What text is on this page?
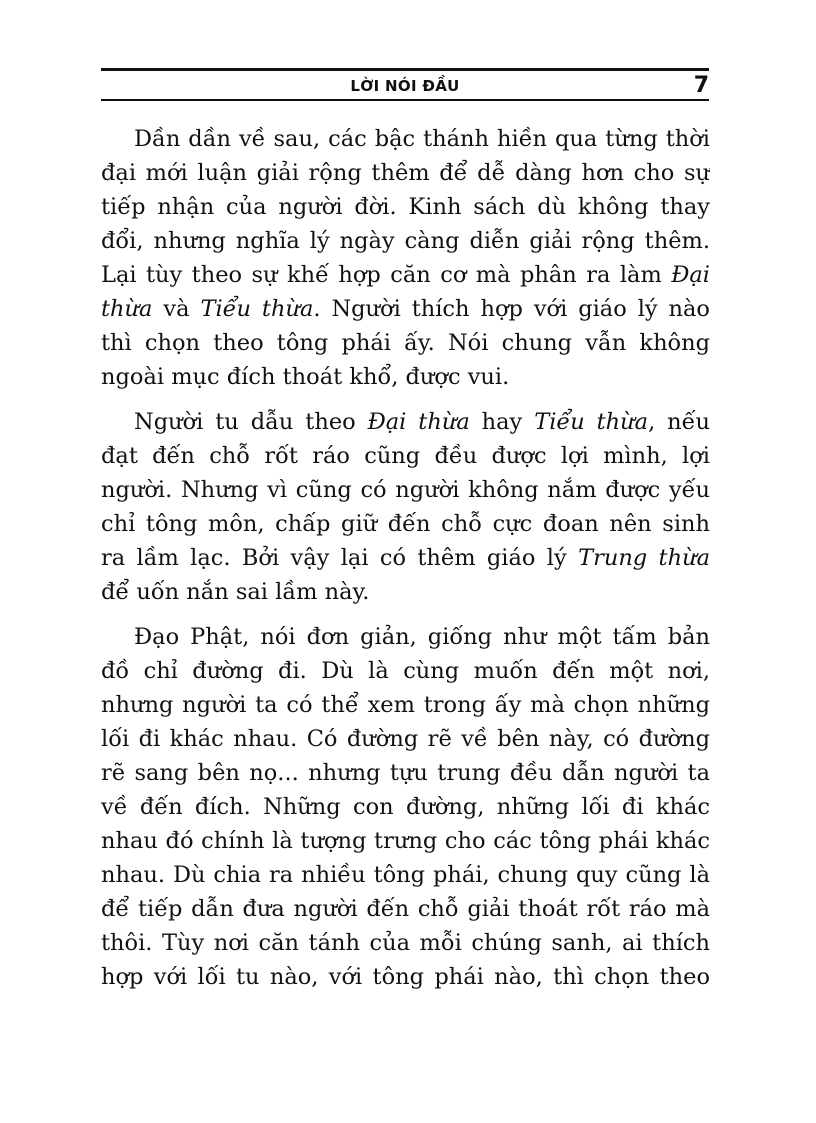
LỜI NÓI ĐẦU	7
Dần dần về sau, các bậc thánh hiền qua từng thời
đại mới luận giải rộng thêm để dễ dàng hơn cho sự
tiếp nhận của người đời. Kinh sách dù không thay
đổi, nhưng nghĩa lý ngày càng diễn giải rộng thêm.
Lại tùy theo sự khế hợp căn cơ mà phân ra làm Đại
thừa và Tiểu thừa. Người thích hợp với giáo lý nào
thì chọn theo tông phái ấy. Nói chung vẫn không
ngoài mục đích thoát khổ, được vui.
Người tu dẫu theo Đại thừa hay Tiểu thừa, nếu
đạt đến chỗ rốt ráo cũng đều được lợi mình, lợi
người. Nhưng vì cũng có người không nắm được yếu
chỉ tông môn, chấp giữ đến chỗ cực đoan nên sinh
ra lầm lạc. Bởi vậy lại có thêm giáo lý Trung thừa
để uốn nắn sai lầm này.
Đạo Phật, nói đơn giản, giống như một tấm bản
đồ chỉ đường đi. Dù là cùng muốn đến một nơi,
nhưng người ta có thể xem trong ấy mà chọn những
lối đi khác nhau. Có đường rẽ về bên này, có đường
rẽ sang bên nọ... nhưng tựu trung đều dẫn người ta
về đến đích. Những con đường, những lối đi khác
nhau đó chính là tượng trưng cho các tông phái khác
nhau. Dù chia ra nhiều tông phái, chung quy cũng là
để tiếp dẫn đưa người đến chỗ giải thoát rốt ráo mà
thôi. Tùy nơi căn tánh của mỗi chúng sanh, ai thích
hợp với lối tu nào, với tông phái nào, thì chọn theo
